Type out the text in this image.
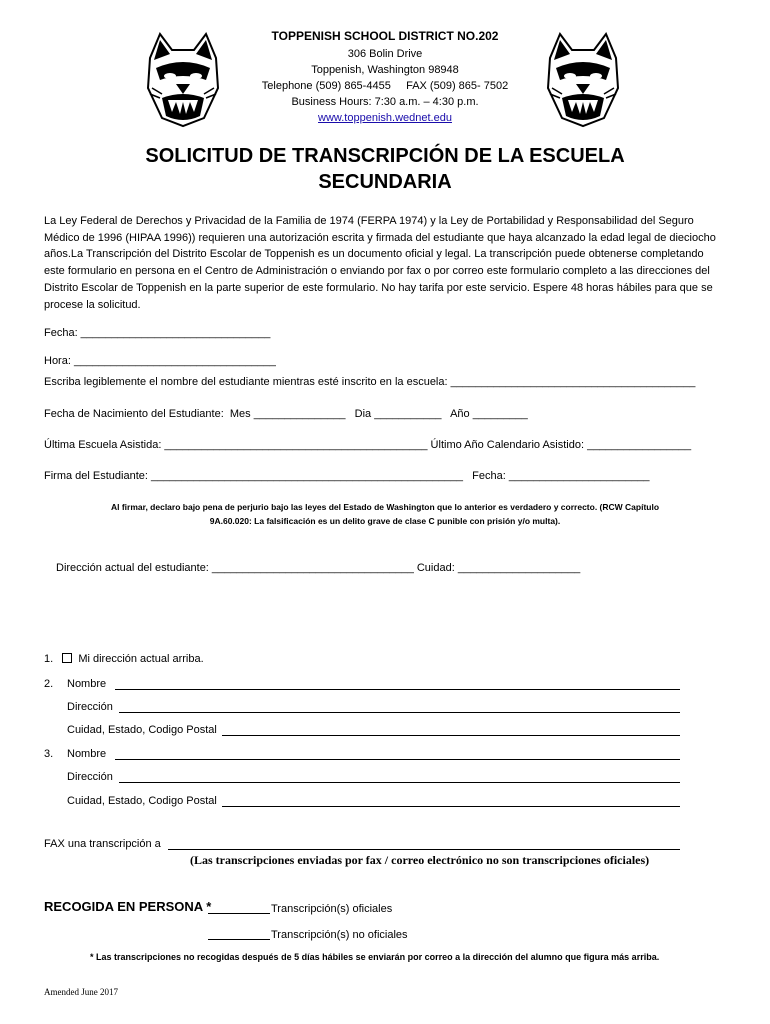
TOPPENISH SCHOOL DISTRICT NO.202
306 Bolin Drive
Toppenish, Washington 98948
Telephone (509) 865-4455     FAX (509) 865- 7502
Business Hours: 7:30 a.m. – 4:30 p.m.
www.toppenish.wednet.edu
SOLICITUD DE TRANSCRIPCIÓN DE LA ESCUELA
SECUNDARIA
La Ley Federal de Derechos y Privacidad de la Familia de 1974 (FERPA 1974) y la Ley de Portabilidad y Responsabilidad del Seguro Médico de 1996 (HIPAA 1996)) requieren una autorización escrita y firmada del estudiante que haya alcanzado la edad legal de dieciocho años.La Transcripción del Distrito Escolar de Toppenish es un documento oficial y legal. La transcripción puede obtenerse completando este formulario en persona en el Centro de Administración o enviando por fax o por correo este formulario completo a las direcciones del Distrito Escolar de Toppenish en la parte superior de este formulario. No hay tarifa por este servicio. Espere 48 horas hábiles para que se procese la solicitud.
Fecha: _______________________________
Hora: _________________________________
Escriba legiblemente el nombre del estudiante mientras esté inscrito en la escuela: ________________________________________
Fecha de Nacimiento del Estudiante:  Mes _______________   Dia ___________   Año _________
Última Escuela Asistida: ___________________________________________ Último Año Calendario Asistido: _________________
Firma del Estudiante: ___________________________________________________   Fecha: _______________________
Al firmar, declaro bajo pena de perjurio bajo las leyes del Estado de Washington que lo anterior es verdadero y correcto. (RCW Capítulo 9A.60.020: La falsificación es un delito grave de clase C punible con prisión y/o multa).
Dirección actual del estudiante: _________________________________ Cuidad: ____________________
1. Mi dirección actual arriba.
2. Nombre
Dirección
Cuidad, Estado, Codigo Postal
3. Nombre
Dirección
Cuidad, Estado, Codigo Postal
FAX una transcripción a
(Las transcripciones enviadas por fax / correo electrónico no son transcripciones oficiales)
RECOGIDA EN PERSONA *	Transcripción(s) oficiales
Transcripción(s) no oficiales
* Las transcripciones no recogidas después de 5 días hábiles se enviarán por correo a la dirección del alumno que figura más arriba.
Amended June 2017
